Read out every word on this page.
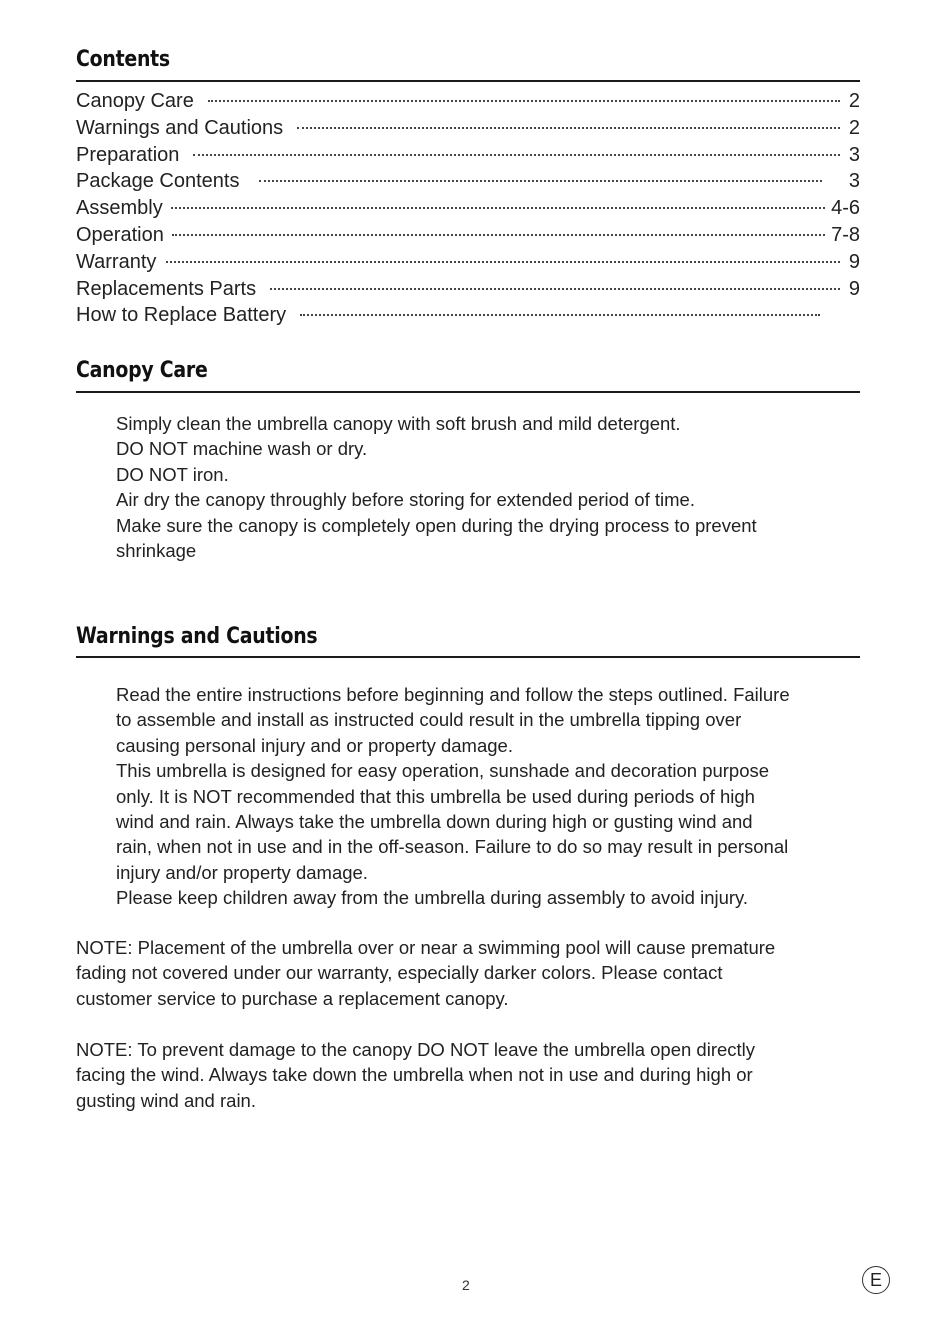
Contents
Canopy Care	2
Warnings and Cautions	2
Preparation	3
Package Contents	3
Assembly	4-6
Operation	7-8
Warranty	9
Replacements Parts	9
How to Replace Battery
Canopy Care

Simply clean the umbrella canopy with soft brush and mild detergent.

DO NOT machine wash or dry.

DO NOT iron.

Air dry the canopy throughly before storing for extended period of time.

Make sure the canopy is completely open during the drying process to prevent

shrinkage

Warnings and Cautions

Read the entire instructions before beginning and follow the steps outlined. Failure

to assemble and install as instructed could result in the umbrella tipping over

causing personal injury and or property damage.

This umbrella is designed for easy operation, sunshade and decoration purpose

only. It is NOT recommended that this umbrella be used during periods of high

wind and rain. Always take the umbrella down during high or gusting wind and

rain, when not in use and in the off-season. Failure to do so may result in personal

injury and/or property damage.

Please keep children away from the umbrella during assembly to avoid injury.

NOTE: Placement of the umbrella over or near a swimming pool will cause premature

fading not covered under our warranty, especially darker colors. Please contact

customer service to purchase a replacement canopy.

NOTE: To prevent damage to the canopy DO NOT leave the umbrella open directly

facing the wind. Always take down the umbrella when not in use and during high or

gusting wind and rain.

2	E
